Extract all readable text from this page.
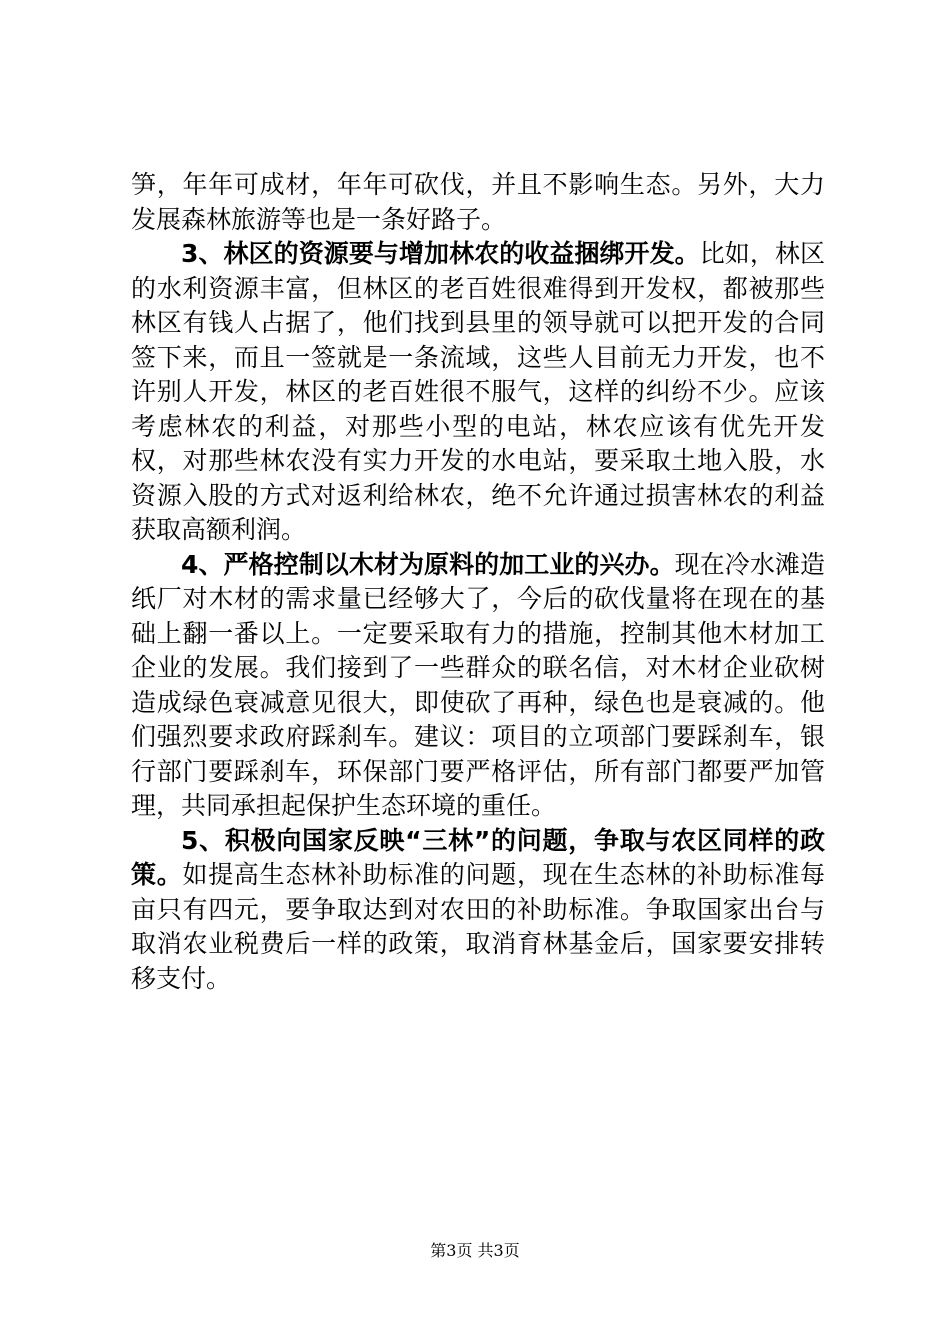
笋，年年可成材，年年可砍伐，并且不影响生态。另外，大力发展森林旅游等也是一条好路子。

3、林区的资源要与增加林农的收益捆绑开发。比如，林区的水利资源丰富，但林区的老百姓很难得到开发权，都被那些林区有钱人占据了，他们找到县里的领导就可以把开发的合同签下来，而且一签就是一条流域，这些人目前无力开发，也不许别人开发，林区的老百姓很不服气，这样的纠纷不少。应该考虑林农的利益，对那些小型的电站，林农应该有优先开发权，对那些林农没有实力开发的水电站，要采取土地入股，水资源入股的方式对返利给林农，绝不允许通过损害林农的利益获取高额利润。

4、严格控制以木材为原料的加工业的兴办。现在冷水滩造纸厂对木材的需求量已经够大了，今后的砍伐量将在现在的基础上翻一番以上。一定要采取有力的措施，控制其他木材加工企业的发展。我们接到了一些群众的联名信，对木材企业砍树造成绿色衰减意见很大，即使砍了再种，绿色也是衰减的。他们强烈要求政府踩刹车。建议：项目的立项部门要踩刹车，银行部门要踩刹车，环保部门要严格评估，所有部门都要严加管理，共同承担起保护生态环境的重任。

5、积极向国家反映“三林”的问题，争取与农区同样的政策。如提高生态林补助标准的问题，现在生态林的补助标准每亩只有四元，要争取达到对农田的补助标准。争取国家出台与取消农业税费后一样的政策，取消育林基金后，国家要安排转移支付。

第3页 共3页
